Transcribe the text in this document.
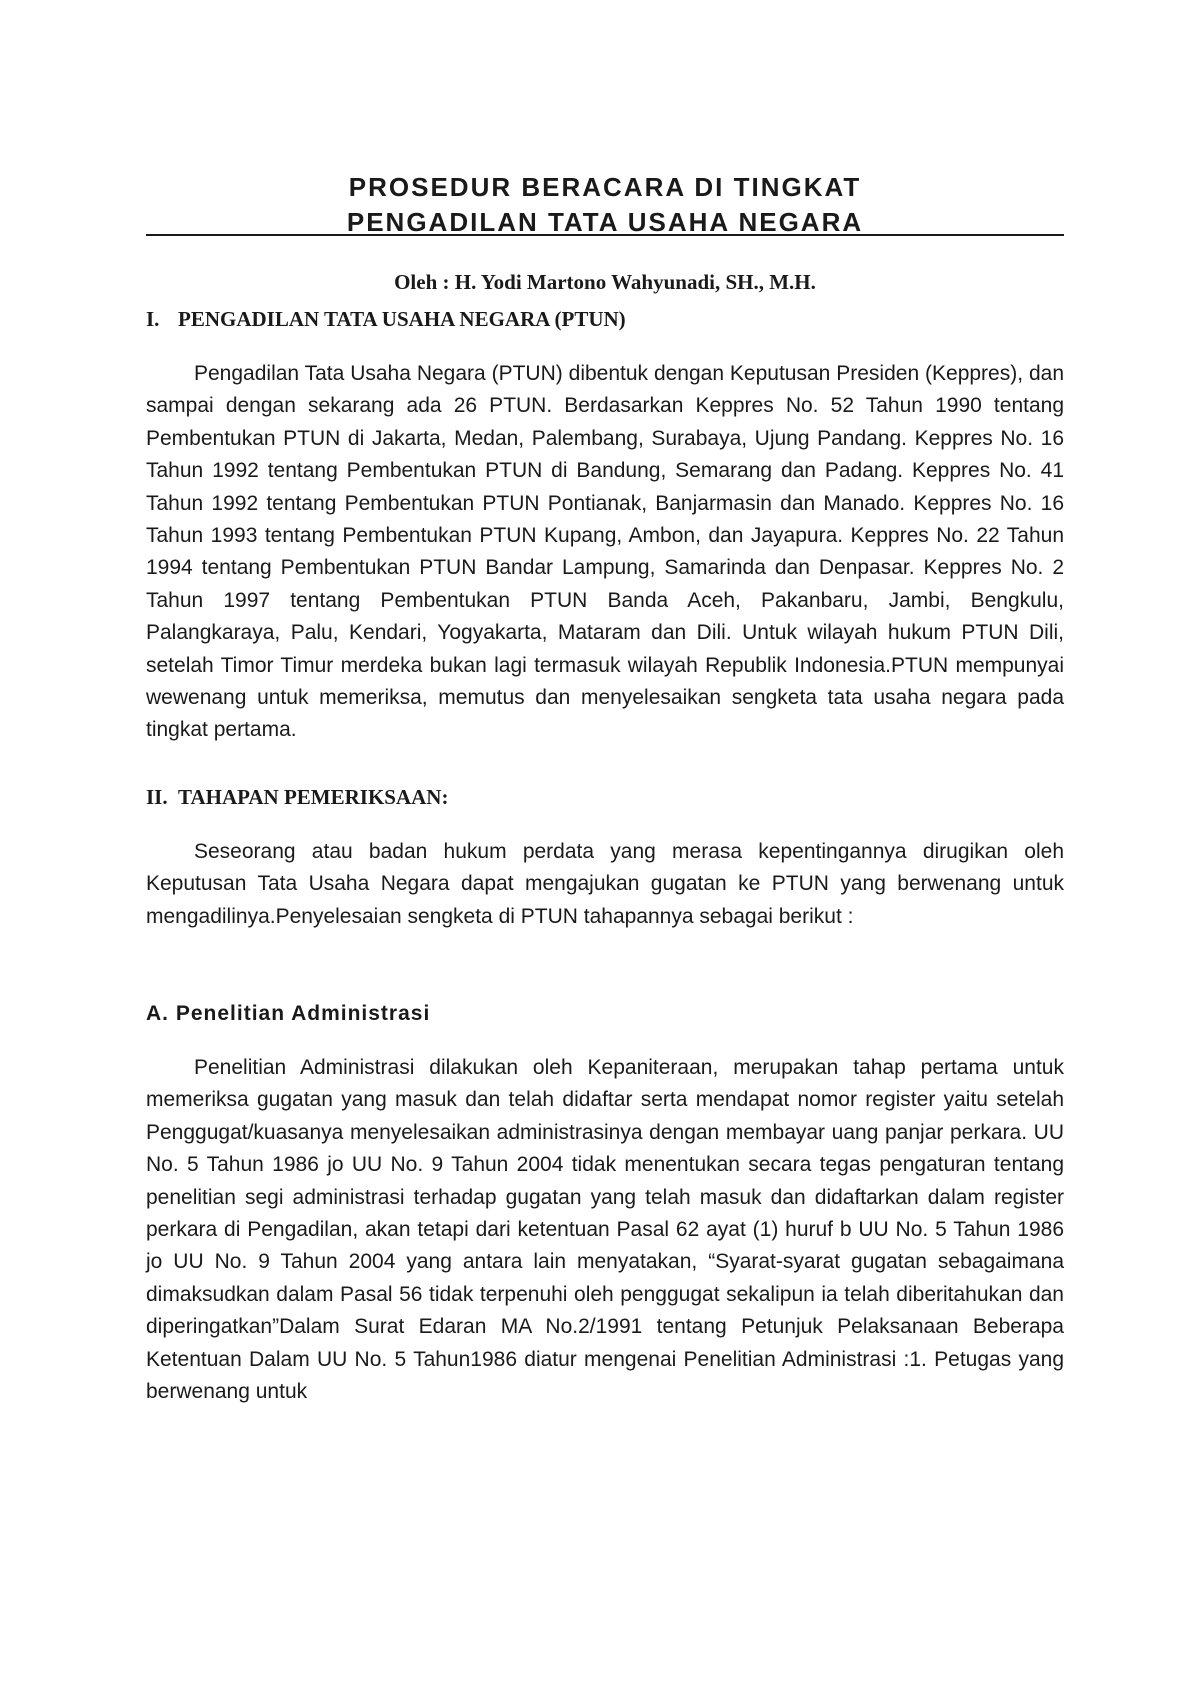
PROSEDUR BERACARA DI TINGKAT
PENGADILAN TATA USAHA NEGARA

Oleh : H. Yodi Martono Wahyunadi, SH., M.H.

I. PENGADILAN TATA USAHA NEGARA (PTUN)

Pengadilan Tata Usaha Negara (PTUN) dibentuk dengan Keputusan Presiden (Keppres), dan sampai dengan sekarang ada 26 PTUN. Berdasarkan Keppres No. 52 Tahun 1990 tentang Pembentukan PTUN di Jakarta, Medan, Palembang, Surabaya, Ujung Pandang. Keppres No. 16 Tahun 1992 tentang Pembentukan PTUN di Bandung, Semarang dan Padang. Keppres No. 41 Tahun 1992 tentang Pembentukan PTUN Pontianak, Banjarmasin dan Manado. Keppres No. 16 Tahun 1993 tentang Pembentukan PTUN Kupang, Ambon, dan Jayapura. Keppres No. 22 Tahun 1994 tentang Pembentukan PTUN Bandar Lampung, Samarinda dan Denpasar. Keppres No. 2 Tahun 1997 tentang Pembentukan PTUN Banda Aceh, Pakanbaru, Jambi, Bengkulu, Palangkaraya, Palu, Kendari, Yogyakarta, Mataram dan Dili. Untuk wilayah hukum PTUN Dili, setelah Timor Timur merdeka bukan lagi termasuk wilayah Republik Indonesia.PTUN mempunyai wewenang untuk memeriksa, memutus dan menyelesaikan sengketa tata usaha negara pada tingkat pertama.

II. TAHAPAN PEMERIKSAAN:

Seseorang atau badan hukum perdata yang merasa kepentingannya dirugikan oleh Keputusan Tata Usaha Negara dapat mengajukan gugatan ke PTUN yang berwenang untuk mengadilinya.Penyelesaian sengketa di PTUN tahapannya sebagai berikut :

A. Penelitian Administrasi

Penelitian Administrasi dilakukan oleh Kepaniteraan, merupakan tahap pertama untuk memeriksa gugatan yang masuk dan telah didaftar serta mendapat nomor register yaitu setelah Penggugat/kuasanya menyelesaikan administrasinya dengan membayar uang panjar perkara. UU No. 5 Tahun 1986 jo UU No. 9 Tahun 2004 tidak menentukan secara tegas pengaturan tentang penelitian segi administrasi terhadap gugatan yang telah masuk dan didaftarkan dalam register perkara di Pengadilan, akan tetapi dari ketentuan Pasal 62 ayat (1) huruf b UU No. 5 Tahun 1986 jo UU No. 9 Tahun 2004 yang antara lain menyatakan, “Syarat-syarat gugatan sebagaimana dimaksudkan dalam Pasal 56 tidak terpenuhi oleh penggugat sekalipun ia telah diberitahukan dan diperingatkan”Dalam Surat Edaran MA No.2/1991 tentang Petunjuk Pelaksanaan Beberapa Ketentuan Dalam UU No. 5 Tahun1986 diatur mengenai Penelitian Administrasi :1. Petugas yang berwenang untuk
